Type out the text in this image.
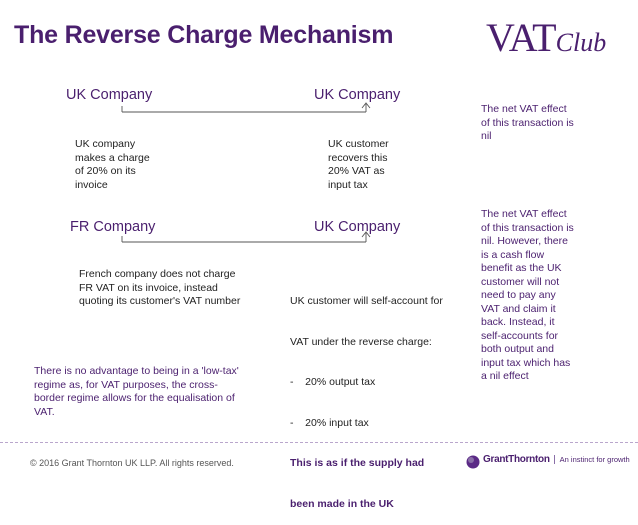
The Reverse Charge Mechanism VATClub
UK Company	UK Company
UK company
makes a charge
of 20% on its
invoice
UK customer
recovers this
20% VAT as
input tax
The net VAT effect
of this transaction is
nil
FR Company	UK Company
French company does not charge
FR VAT on its invoice, instead
quoting its customer's VAT number

	UK customer will self-account for

VAT under the reverse charge:

-    20% output tax

-    20% input tax

This is as if the supply had

been made in the UK

The net VAT effect
of this transaction is
nil. However, there
is a cash flow
benefit as the UK
customer will not
need to pay any
VAT and claim it
back. Instead, it
self-accounts for
both output and
input tax which has
a nil effect
There is no advantage to being in a 'low-tax'
regime as, for VAT purposes, the cross-
border regime allows for the equalisation of
VAT.
© 2016 Grant Thornton UK LLP. All rights reserved.	GrantThornton An instinct for growth
